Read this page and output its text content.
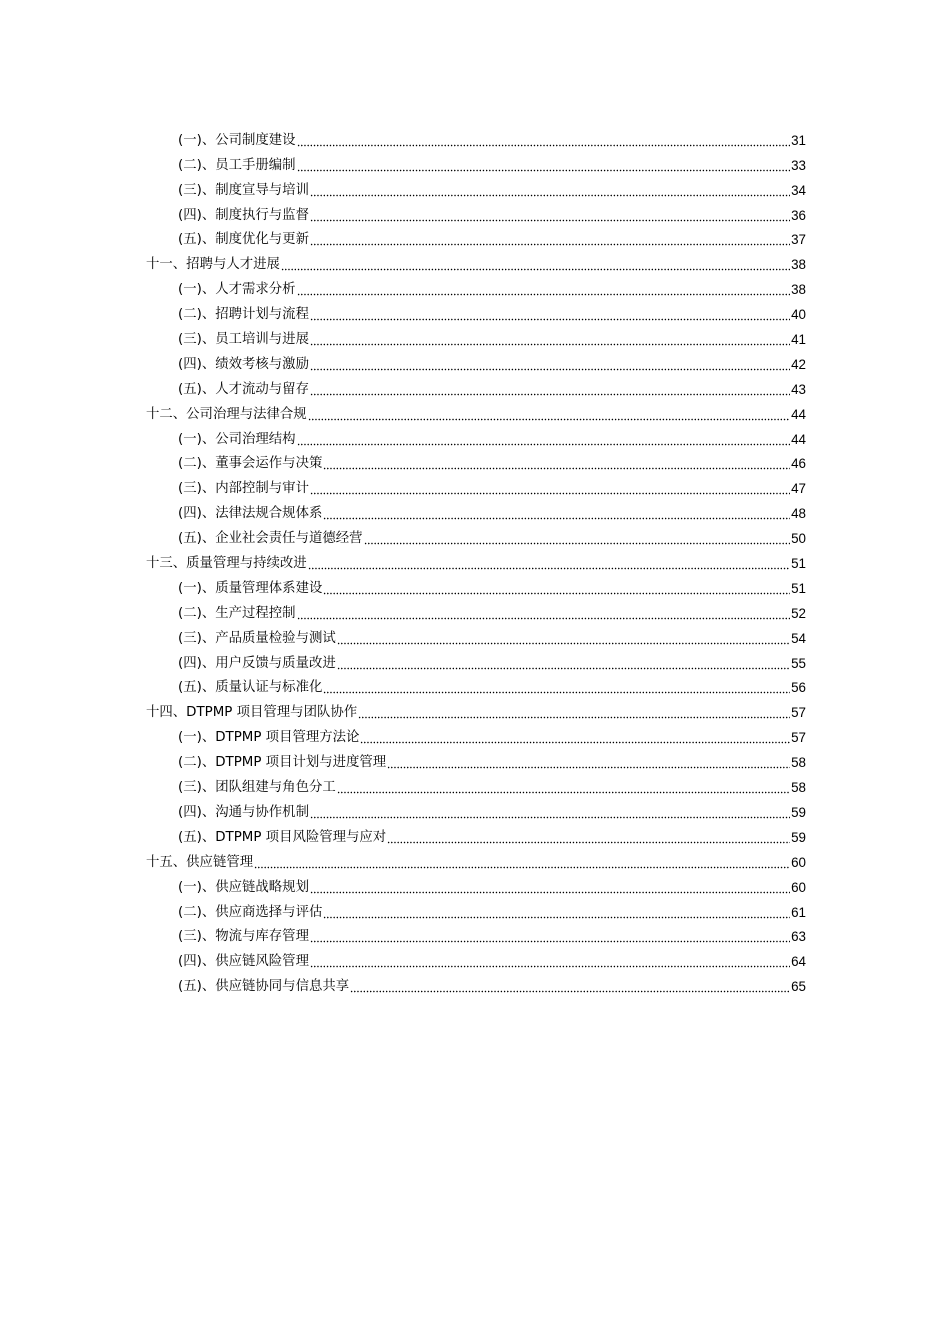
(一)、公司制度建设	31
(二)、员工手册编制	33
(三)、制度宣导与培训	34
(四)、制度执行与监督	36
(五)、制度优化与更新	37
十一、招聘与人才进展	38
(一)、人才需求分析	38
(二)、招聘计划与流程	40
(三)、员工培训与进展	41
(四)、绩效考核与激励	42
(五)、人才流动与留存	43
十二、公司治理与法律合规	44
(一)、公司治理结构	44
(二)、董事会运作与决策	46
(三)、内部控制与审计	47
(四)、法律法规合规体系	48
(五)、企业社会责任与道德经营	50
十三、质量管理与持续改进	51
(一)、质量管理体系建设	51
(二)、生产过程控制	52
(三)、产品质量检验与测试	54
(四)、用户反馈与质量改进	55
(五)、质量认证与标准化	56
十四、DTPMP 项目管理与团队协作	57
(一)、DTPMP 项目管理方法论	57
(二)、DTPMP 项目计划与进度管理	58
(三)、团队组建与角色分工	58
(四)、沟通与协作机制	59
(五)、DTPMP 项目风险管理与应对	59
十五、供应链管理	60
(一)、供应链战略规划	60
(二)、供应商选择与评估	61
(三)、物流与库存管理	63
(四)、供应链风险管理	64
(五)、供应链协同与信息共享	65
